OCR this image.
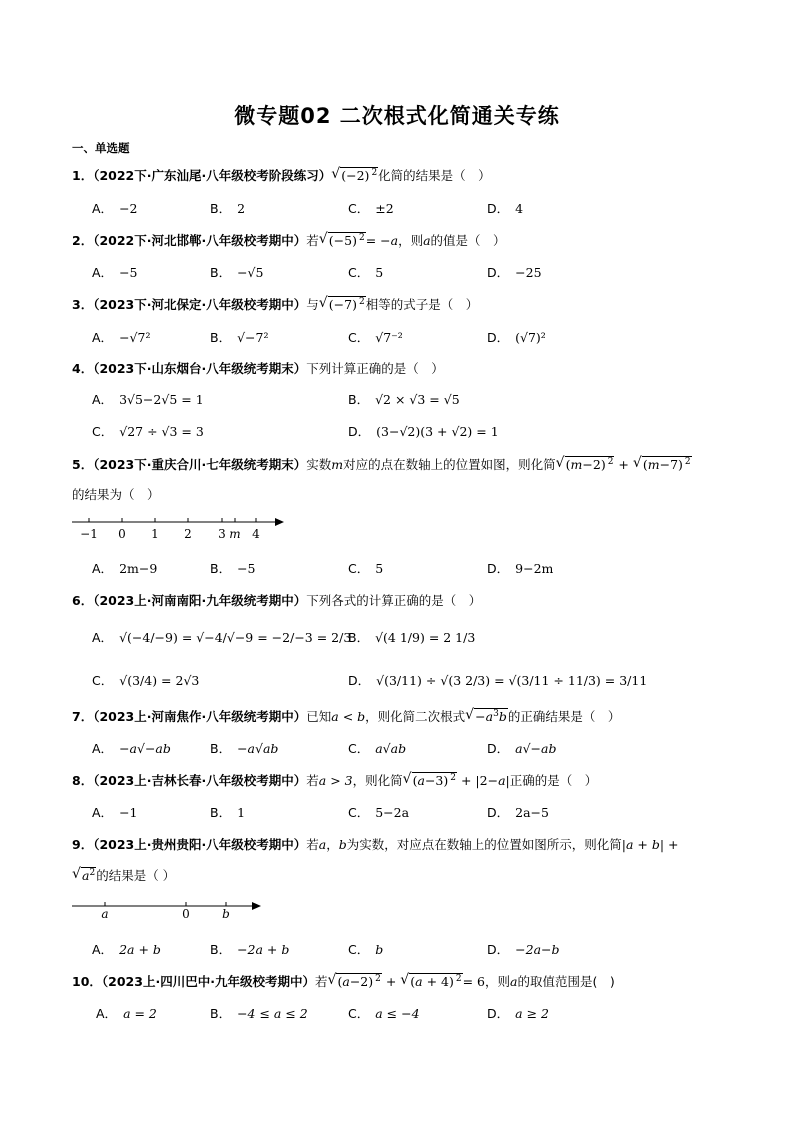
微专题02 二次根式化简通关专练
一、单选题
1．（2022下·广东汕尾·八年级校考阶段练习） √ (−2) $^2$化简的结果是（　）
A． −2	B． 2	C． ±2	D． 4
2．（2022下·河北邯郸·八年级校考期中）若 √ (−5) $^2$= −a，则a的值是（　）
A． −5	B． −√5	C． 5	D． −25
3．（2023下·河北保定·八年级校考期中）与 √ (−7) $^2$相等的式子是（　）
A． −√7²	B． √−7²	C． √7⁻²	D． (√7)²
4．（2023下·山东烟台·八年级统考期末）下列计算正确的是（　）
A． 3√5−2√5 = 1	B． √2 × √3 = √5
C． √27 ÷ √3 = 3	D． (3−√2)(3 + √2) = 1
5．（2023下·重庆合川·七年级统考期末）实数m对应的点在数轴上的位置如图，则化简 √ (m−2) $^2$ + √ (m−7) $^2$
的结果为（　）
−1 0 1 2 3 m 4
A． 2m−9	B． −5	C． 5	D． 9−2m
6．（2023上·河南南阳·九年级统考期中）下列各式的计算正确的是（　）
A． √(−4/−9) = √−4/√−9 = −2/−3 = 2/3
B． √(4 1/9) = 2 1/3
C． √(3/4) = 2√3	D． √(3/11) ÷ √(3 2/3) = √(3/11 ÷ 11/3) = 3/11
7．（2023上·河南焦作·八年级统考期中）已知a < b，则化简二次根式 √ $-a^3b$的正确结果是（　）
A． −a√−ab	B． −a√ab	C． a√ab	D． a√−ab
8．（2023上·吉林长春·八年级校考期中）若a > 3，则化简 √ (a−3) $^2$ + |2−a|正确的是（　）
A． −1	B． 1	C． 5−2a	D． 2a−5
9．（2023上·贵州贵阳·八年级校考期中）若a，b为实数，对应点在数轴上的位置如图所示，则化简|a + b| +
√ $a^2$的结果是（ ）
a	0	b
A． 2a + b	B． −2a + b	C． b	D． −2a−b
10．（2023上·四川巴中·九年级校考期中）若 √ (a−2) $^2$ + √ (a + 4) $^2$= 6，则a的取值范围是(　)
A． a = 2	B． −4 ≤ a ≤ 2	C． a ≤ −4	D． a ≥ 2
